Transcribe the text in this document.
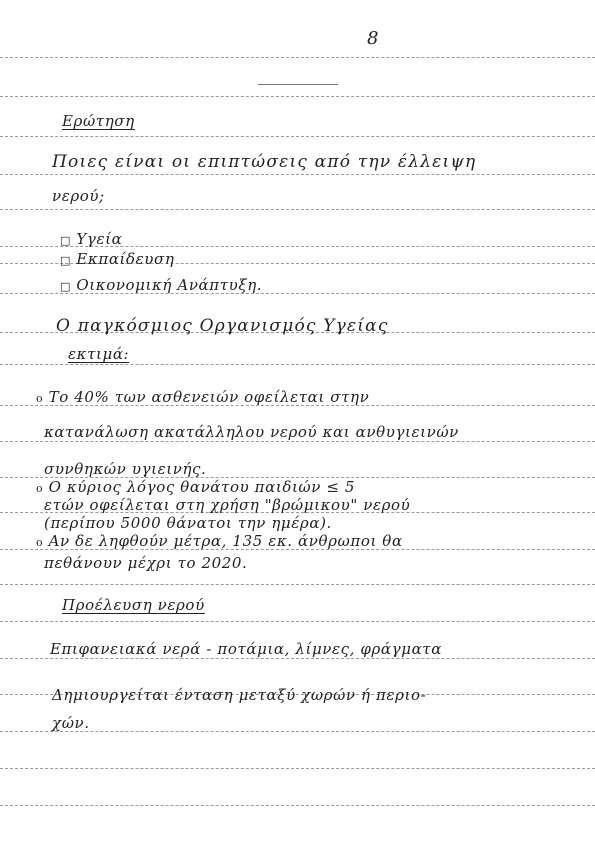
8
Ερώτηση
Ποιες είναι οι επιπτώσεις από την έλλειψη
νερού;
□ Υγεία
□ Εκπαίδευση
□ Οικονομική Ανάπτυξη.
Ο παγκόσμιος Οργανισμός Υγείας
εκτιμά:
o Το 40% των ασθενειών οφείλεται στην
κατανάλωση ακατάλληλου νερού και ανθυγιεινών
συνθηκών υγιεινής.
o Ο κύριος λόγος θανάτου παιδιών ≤ 5
ετών οφείλεται στη χρήση "βρώμικου" νερού
(περίπου 5000 θάνατοι την ημέρα).
o Αν δε ληφθούν μέτρα, 135 εκ. άνθρωποι θα
πεθάνουν μέχρι το 2020.
Προέλευση νερού
Επιφανειακά νερά - ποτάμια, λίμνες, φράγματα
Δημιουργείται ένταση μεταξύ χωρών ή περιο-
χών.
